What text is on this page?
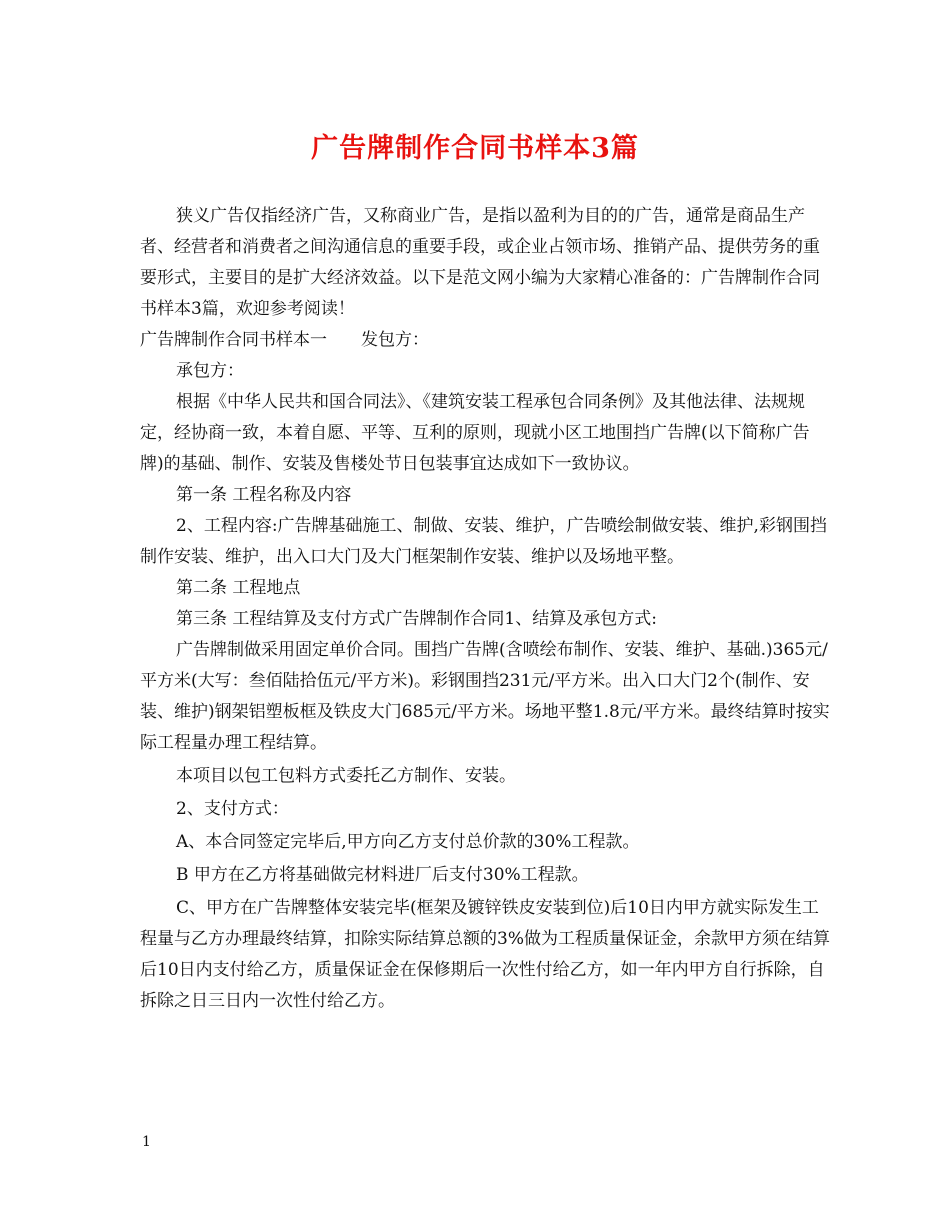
广告牌制作合同书样本3篇

狭义广告仅指经济广告，又称商业广告，是指以盈利为目的的广告，通常是商品生产者、经营者和消费者之间沟通信息的重要手段，或企业占领市场、推销产品、提供劳务的重要形式，主要目的是扩大经济效益。以下是范文网小编为大家精心准备的：广告牌制作合同书样本3篇，欢迎参考阅读！

广告牌制作合同书样本一　　发包方：

承包方：

根据《中华人民共和国合同法》、《建筑安装工程承包合同条例》及其他法律、法规规定，经协商一致，本着自愿、平等、互利的原则，现就小区工地围挡广告牌(以下简称广告牌)的基础、制作、安装及售楼处节日包装事宜达成如下一致协议。

第一条 工程名称及内容

2、工程内容:广告牌基础施工、制做、安装、维护，广告喷绘制做安装、维护,彩钢围挡制作安装、维护，出入口大门及大门框架制作安装、维护以及场地平整。

第二条 工程地点

第三条 工程结算及支付方式广告牌制作合同1、结算及承包方式:

广告牌制做采用固定单价合同。围挡广告牌(含喷绘布制作、安装、维护、基础.)365元/平方米(大写：叁佰陆拾伍元/平方米)。彩钢围挡231元/平方米。出入口大门2个(制作、安装、维护)钢架铝塑板框及铁皮大门685元/平方米。场地平整1.8元/平方米。最终结算时按实际工程量办理工程结算。

本项目以包工包料方式委托乙方制作、安装。

2、支付方式：

A、本合同签定完毕后,甲方向乙方支付总价款的30%工程款。

B 甲方在乙方将基础做完材料进厂后支付30%工程款。

C、甲方在广告牌整体安装完毕(框架及镀锌铁皮安装到位)后10日内甲方就实际发生工程量与乙方办理最终结算，扣除实际结算总额的3%做为工程质量保证金，余款甲方须在结算后10日内支付给乙方，质量保证金在保修期后一次性付给乙方，如一年内甲方自行拆除，自拆除之日三日内一次性付给乙方。

1
